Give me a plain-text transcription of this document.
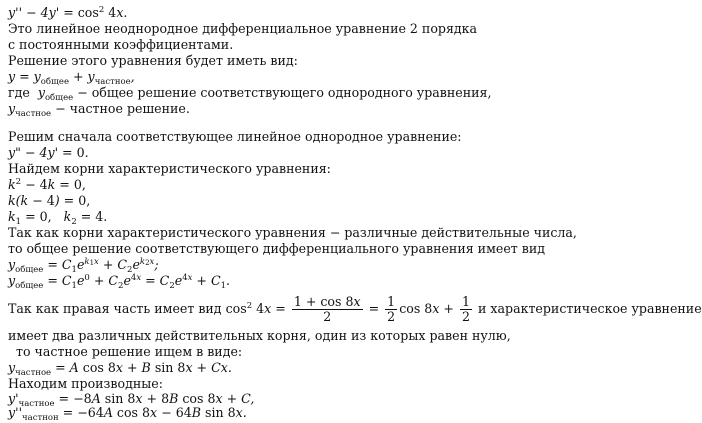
$y'' - 4y' = \cos^2 4x$.
Это линейное неоднородное дифференциальное уравнение 2 порядка
с постоянными коэффициентами.
Решение этого уравнения будет иметь вид:
$y = y_{общее} + y_{частное}$,
где  $y_{общее}$ − общее решение соответствующего однородного уравнения,
$y_{частное}$ − частное решение.
Решим сначала соответствующее линейное однородное уравнение:
y" − 4y' = 0.
Найдем корни характеристического уравнения:
$k^2 - 4k = 0$,
k(k − 4) = 0,
$k_1 = 0$,   $k_2 = 4$.
Так как корни характеристического уравнения − различные действительные числа,
то общее решение соответствующего дифференциального уравнения имеет вид
$y_{общее} = C_1e^{k_1x} + C_2e^{k_2x}$;
$y_{общее} = C_1e^0 + C_2e^{4x} = C_2e^{4x} + C_1$.
Так как правая часть имеет вид $\cos^2 4x = \frac{1 + \cos 8x}{2} = \frac{1}{2}$ $\cos 8x + \frac{1}{2}$ и характеристическое уравнение
имеет два различных действительных корня, один из которых равен нулю,
то частное решение ищем в виде:
$y_{частное} = A$ cos 8x + B sin 8x + Cx.
Находим производные:
$y'_{частное} = -8A$ sin 8x + 8B cos 8x + C,
$y''_{частнон} = -64A$ cos 8x − 64B sin 8x.
